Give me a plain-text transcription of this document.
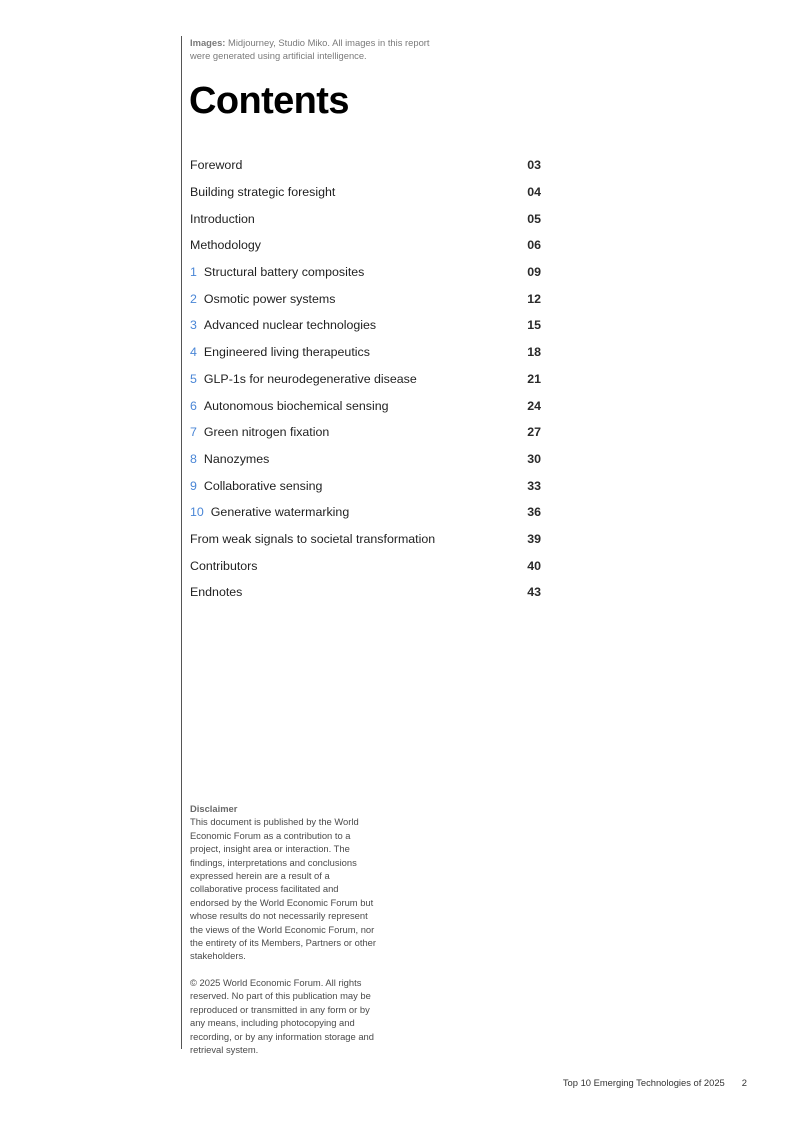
Images: Midjourney, Studio Miko. All images in this report were generated using artificial intelligence.
Contents
Foreword	03
Building strategic foresight	04
Introduction	05
Methodology	06
1 Structural battery composites	09
2 Osmotic power systems	12
3 Advanced nuclear technologies	15
4 Engineered living therapeutics	18
5 GLP-1s for neurodegenerative disease	21
6 Autonomous biochemical sensing	24
7 Green nitrogen fixation	27
8 Nanozymes	30
9 Collaborative sensing	33
10 Generative watermarking	36
From weak signals to societal transformation	39
Contributors	40
Endnotes	43
Disclaimer

This document is published by the World Economic Forum as a contribution to a project, insight area or interaction. The findings, interpretations and conclusions expressed herein are a result of a collaborative process facilitated and endorsed by the World Economic Forum but whose results do not necessarily represent the views of the World Economic Forum, nor the entirety of its Members, Partners or other stakeholders.

© 2025 World Economic Forum. All rights reserved. No part of this publication may be reproduced or transmitted in any form or by any means, including photocopying and recording, or by any information storage and retrieval system.

Top 10 Emerging Technologies of 2025 2
